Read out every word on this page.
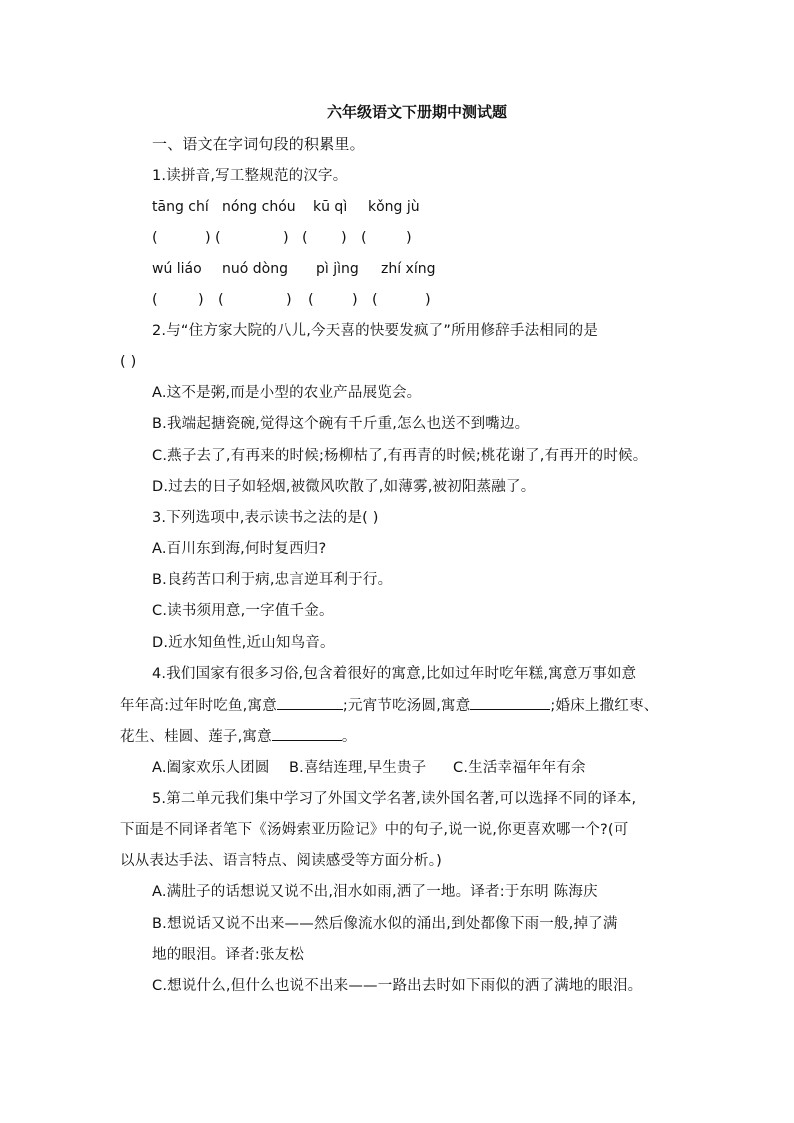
六年级语文下册期中测试题
一、语文在字词句段的积累里。
1.读拼音,写工整规范的汉字。
tāng chí nóng chóu kū qì kǒng jù
(	) (	) ( ) (	)
wú liáo nuó dòng pì jìng zhí xíng
(	) (	) (	) (	)
2.与“住方家大院的八儿,今天喜的快要发疯了”所用修辞手法相同的是
( )
A.这不是粥,而是小型的农业产品展览会。
B.我端起搪瓷碗,觉得这个碗有千斤重,怎么也送不到嘴边。
C.燕子去了,有再来的时候;杨柳枯了,有再青的时候;桃花谢了,有再开的时候。
D.过去的日子如轻烟,被微风吹散了,如薄雾,被初阳蒸融了。
3.下列选项中,表示读书之法的是( )
A.百川东到海,何时复西归?
B.良药苦口利于病,忠言逆耳利于行。
C.读书须用意,一字值千金。
D.近水知鱼性,近山知鸟音。
4.我们国家有很多习俗,包含着很好的寓意,比如过年时吃年糕,寓意万事如意
年年高:过年时吃鱼,寓意	;元宵节吃汤圆,寓意	;婚床上撒红枣、
花生、桂圆、莲子,寓意	。
A.阖家欢乐人团圆 B.喜结连理,早生贵子 C.生活幸福年年有余
5.第二单元我们集中学习了外国文学名著,读外国名著,可以选择不同的译本,
下面是不同译者笔下《汤姆索亚历险记》中的句子,说一说,你更喜欢哪一个?(可
以从表达手法、语言特点、阅读感受等方面分析。)
A.满肚子的话想说又说不出,泪水如雨,洒了一地。译者:于东明 陈海庆
B.想说话又说不出来——然后像流水似的涌出,到处都像下雨一般,掉了满
地的眼泪。译者:张友松
C.想说什么,但什么也说不出来——一路出去时如下雨似的洒了满地的眼泪。
